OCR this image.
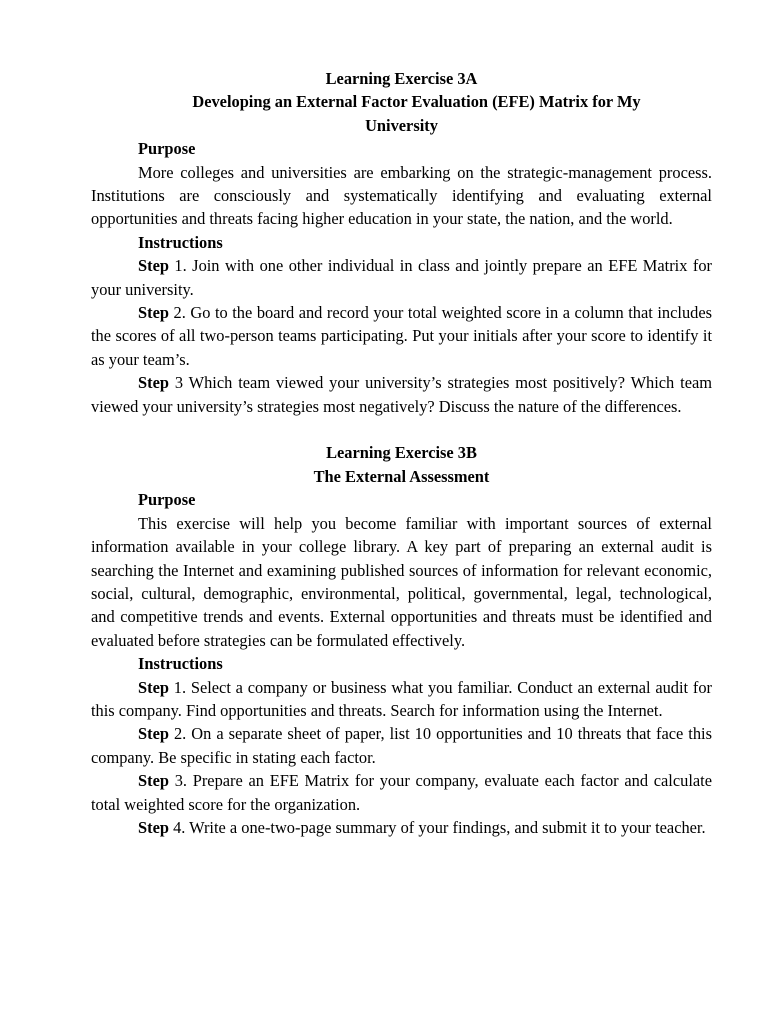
Learning Exercise 3A
Developing an External Factor Evaluation (EFE) Matrix for My
University
Purpose

More colleges and universities are embarking on the strategic-management process. Institutions are consciously and systematically identifying and evaluating external opportunities and threats facing higher education in your state, the nation, and the world.

Instructions

Step 1. Join with one other individual in class and jointly prepare an EFE Matrix for your university.

Step 2. Go to the board and record your total weighted score in a column that includes the scores of all two-person teams participating. Put your initials after your score to identify it as your team’s.

Step 3 Which team viewed your university’s strategies most positively? Which team viewed your university’s strategies most negatively? Discuss the nature of the differences.

Learning Exercise 3B
The External Assessment
Purpose

This exercise will help you become familiar with important sources of external information available in your college library. A key part of preparing an external audit is searching the Internet and examining published sources of information for relevant economic, social, cultural, demographic, environmental, political, governmental, legal, technological, and competitive trends and events. External opportunities and threats must be identified and evaluated before strategies can be formulated effectively.

Instructions

Step 1. Select a company or business what you familiar. Conduct an external audit for this company. Find opportunities and threats. Search for information using the Internet.

Step 2. On a separate sheet of paper, list 10 opportunities and 10 threats that face this company. Be specific in stating each factor.

Step 3. Prepare an EFE Matrix for your company, evaluate each factor and calculate total weighted score for the organization.

Step 4. Write a one-two-page summary of your findings, and submit it to your teacher.
